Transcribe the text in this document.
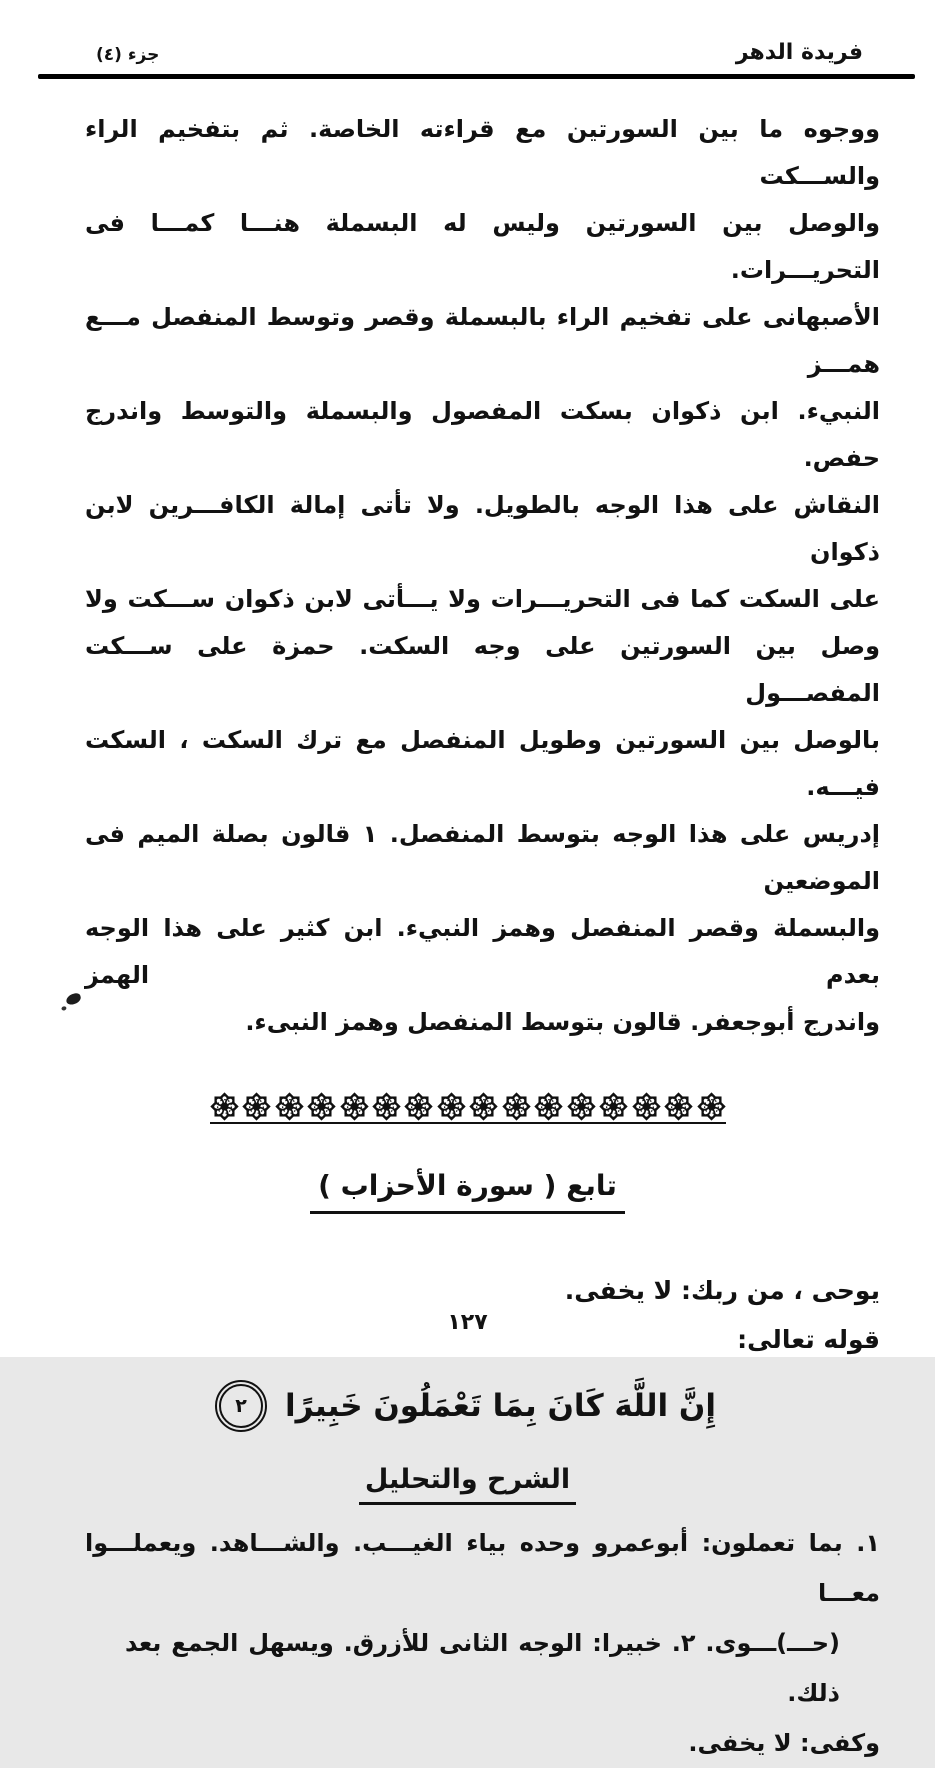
فريدة الدهر
جزء (٤)
ووجوه ما بين السورتين مع قراءته الخاصة. ثم بتفخيم الراء والســـكت
والوصل بين السورتين وليس له البسملة هنـــا كمـــا فى التحريـــرات.
الأصبهانى على تفخيم الراء بالبسملة وقصر وتوسط المنفصل مـــع همـــز
النبيء. ابن ذكوان بسكت المفصول والبسملة والتوسط واندرج حفص.
النقاش على هذا الوجه بالطويل. ولا تأتى إمالة الكافـــرين لابن ذكوان
على السكت كما فى التحريـــرات ولا يـــأتى لابن ذكوان ســـكت ولا
وصل بين السورتين على وجه السكت. حمزة على ســـكت المفصـــول
بالوصل بين السورتين وطويل المنفصل مع ترك السكت ، السكت فيـــه.
إدريس على هذا الوجه بتوسط المنفصل. ١ قالون بصلة الميم فى الموضعين
والبسملة وقصر المنفصل وهمز النبيء. ابن كثير على هذا الوجه بعدم الهمز
واندرج أبوجعفر. قالون بتوسط المنفصل وهمز النبىء.
تابع ( سورة الأحزاب )
يوحى ، من ربك: لا يخفى.
قوله تعالى:
إِنَّ اللَّهَ كَانَ بِمَا تَعْمَلُونَ خَبِيرًا
٢
الشرح والتحليل
١. بما تعملون: أبوعمرو وحده بياء الغيـــب. والشـــاهد. ويعملـــوا معـــا
(حـــ)ـــوى. ٢. خبيرا: الوجه الثانى للأزرق. ويسهل الجمع بعد ذلك.
وكفى: لا يخفى.
١٢٧
